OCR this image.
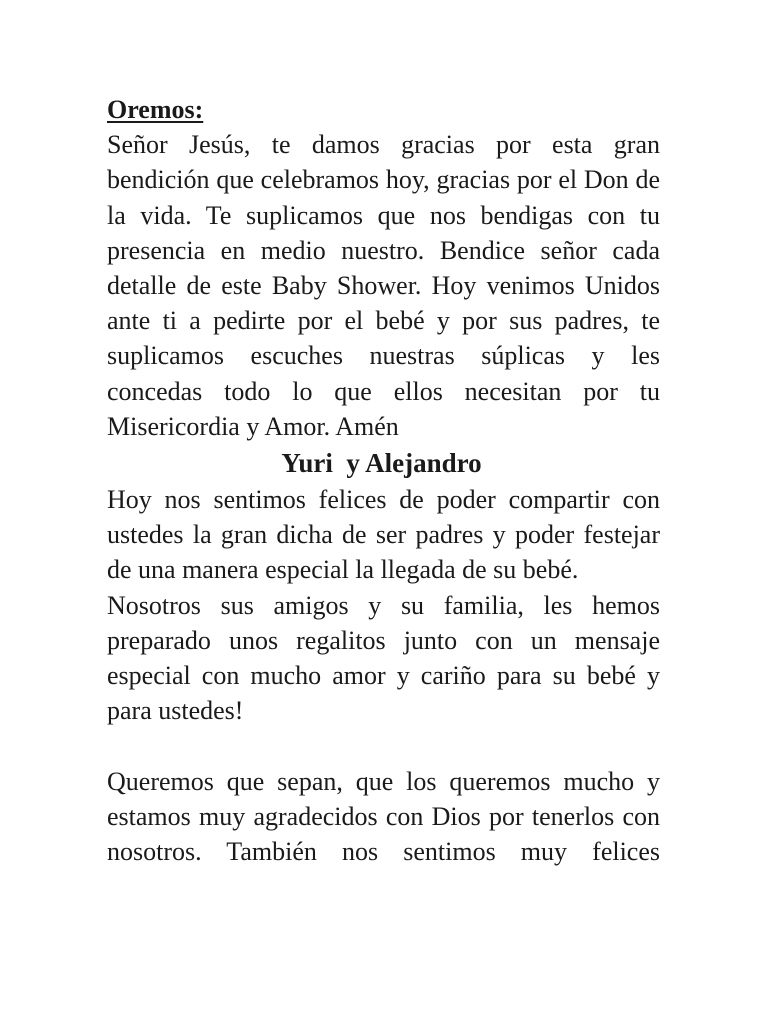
Oremos:

Señor Jesús, te damos gracias por esta gran bendición que celebramos hoy, gracias por el Don de la vida. Te suplicamos que nos bendigas con tu presencia en medio nuestro. Bendice señor cada detalle de este Baby Shower. Hoy venimos Unidos ante ti a pedirte por el bebé y por sus padres, te suplicamos escuches nuestras súplicas y les concedas todo lo que ellos necesitan por tu Misericordia y Amor. Amén

Yuri  y Alejandro

Hoy nos sentimos felices de poder compartir con ustedes la gran dicha de ser padres y poder festejar de una manera especial la llegada de su bebé.

Nosotros sus amigos y su familia, les hemos preparado unos regalitos junto con un mensaje especial con mucho amor y cariño para su bebé y para ustedes!

Queremos que sepan, que los queremos mucho y estamos muy agradecidos con Dios por tenerlos con nosotros. También nos sentimos muy felices
